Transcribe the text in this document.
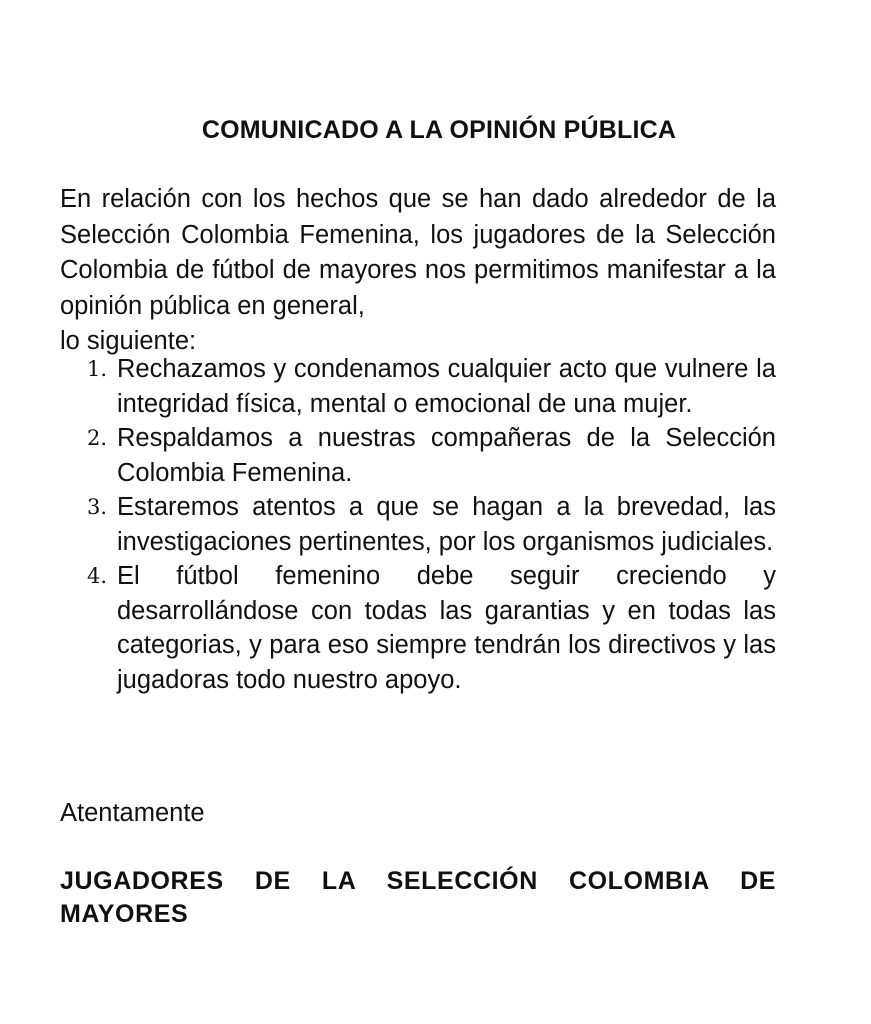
COMUNICADO A LA OPINIÓN PÚBLICA

En relación con los hechos que se han dado alrededor de la Selección Colombia Femenina, los jugadores de la Selección Colombia de fútbol de mayores nos permitimos manifestar a la opinión pública en general,
lo siguiente:

1. Rechazamos y condenamos cualquier acto que vulnere la integridad física, mental o emocional de una mujer.
2. Respaldamos a nuestras compañeras de la Selección Colombia Femenina.
3. Estaremos atentos a que se hagan a la brevedad, las investigaciones pertinentes, por los organismos judiciales.
4. El fútbol femenino debe seguir creciendo y desarrollándose con todas las garantias y en todas las categorias, y para eso siempre tendrán los directivos y las jugadoras todo nuestro apoyo.

Atentamente

JUGADORES DE LA SELECCIÓN COLOMBIA DE MAYORES
